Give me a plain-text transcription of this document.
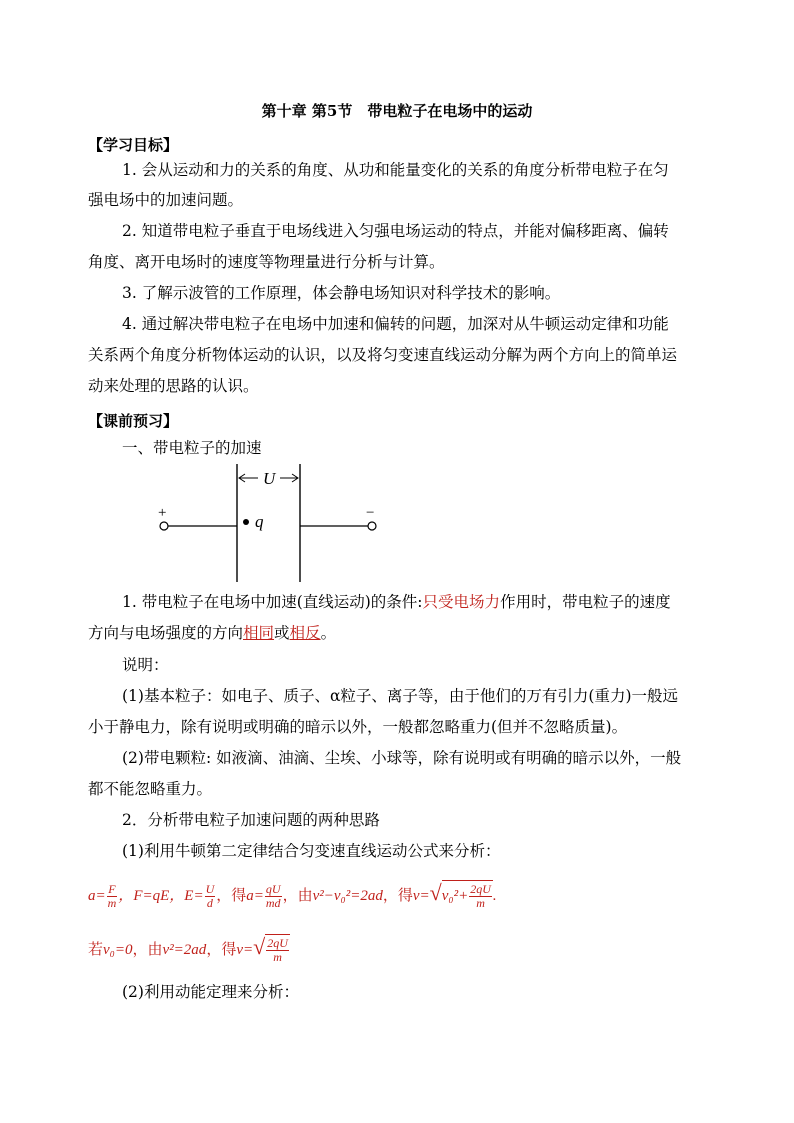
第十章 第5节　带电粒子在电场中的运动
【学习目标】
1. 会从运动和力的关系的角度、从功和能量变化的关系的角度分析带电粒子在匀
强电场中的加速问题。
2. 知道带电粒子垂直于电场线进入匀强电场运动的特点，并能对偏移距离、偏转
角度、离开电场时的速度等物理量进行分析与计算。
3. 了解示波管的工作原理，体会静电场知识对科学技术的影响。
4. 通过解决带电粒子在电场中加速和偏转的问题，加深对从牛顿运动定律和功能
关系两个角度分析物体运动的认识，以及将匀变速直线运动分解为两个方向上的简单运
动来处理的思路的认识。
【课前预习】
一、带电粒子的加速
+	−
U
q
1. 带电粒子在电场中加速(直线运动)的条件:只受电场力作用时，带电粒子的速度
方向与电场强度的方向相同或相反。
说明：
(1)基本粒子：如电子、质子、α粒子、离子等，由于他们的万有引力(重力)一般远
小于静电力，除有说明或明确的暗示以外，一般都忽略重力(但并不忽略质量)。
(2)带电颗粒: 如液滴、油滴、尘埃、小球等，除有说明或有明确的暗示以外，一般
都不能忽略重力。
2．分析带电粒子加速问题的两种思路
(1)利用牛顿第二定律结合匀变速直线运动公式来分析：
$a= \frac{F}{m}$ ，F=qE，$E= \frac{U}{d}$ ，得$a= \frac{qU}{md}$ ，由v²−v₀²=2ad，得$v=√v_0^2+ \frac{2qU}{m}$ .
若v₀=0，由v²=2ad，得$v=√ \frac{2qU}{m}$
(2)利用动能定理来分析：
